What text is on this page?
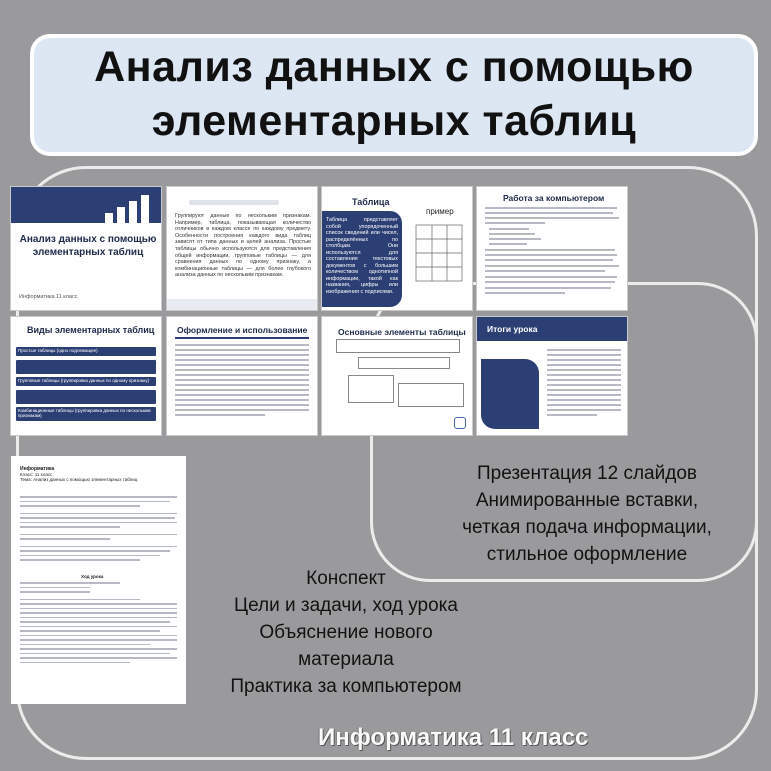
Анализ данных с помощью
элементарных таблиц
Анализ данных с помощью элементарных таблиц
Информатика 11 класс
Группируют данные по нескольким признакам. Например, таблица, показывающая количество отличников в каждом классе по каждому предмету. Особенности построения каждого вида таблиц зависят от типа данных и целей анализа. Простые таблицы обычно используются для представления общей информации, групповые таблицы — для сравнения данных по одному признаку, а комбинационные таблицы — для более глубокого анализа данных по нескольким признакам.
Таблица
Таблица представляет собой упорядоченный список сведений или чисел, распределённых по столбцам. Они используются для составления текстовых документов с большим количеством однотипной информации, такой как названия, цифры или изображения с подписями.
пример
Работа за компьютером
Виды элементарных таблиц
Простые таблицы (одно подлежащее)
Групповые таблицы (группировка данных по одному признаку)
Комбинационные таблицы (группировка данных по нескольким признакам)
Оформление и использование	Основные элементы таблицы	Итоги урока
Информатика
Класс: 11 класс
Тема: Анализ данных с помощью элементарных таблиц
Ход урока
Презентация 12 слайдов
Анимированные вставки,
четкая подача информации,
стильное оформление
Конспект
Цели и задачи, ход урока
Объяснение нового
материала
Практика за компьютером
Информатика 11 класс
